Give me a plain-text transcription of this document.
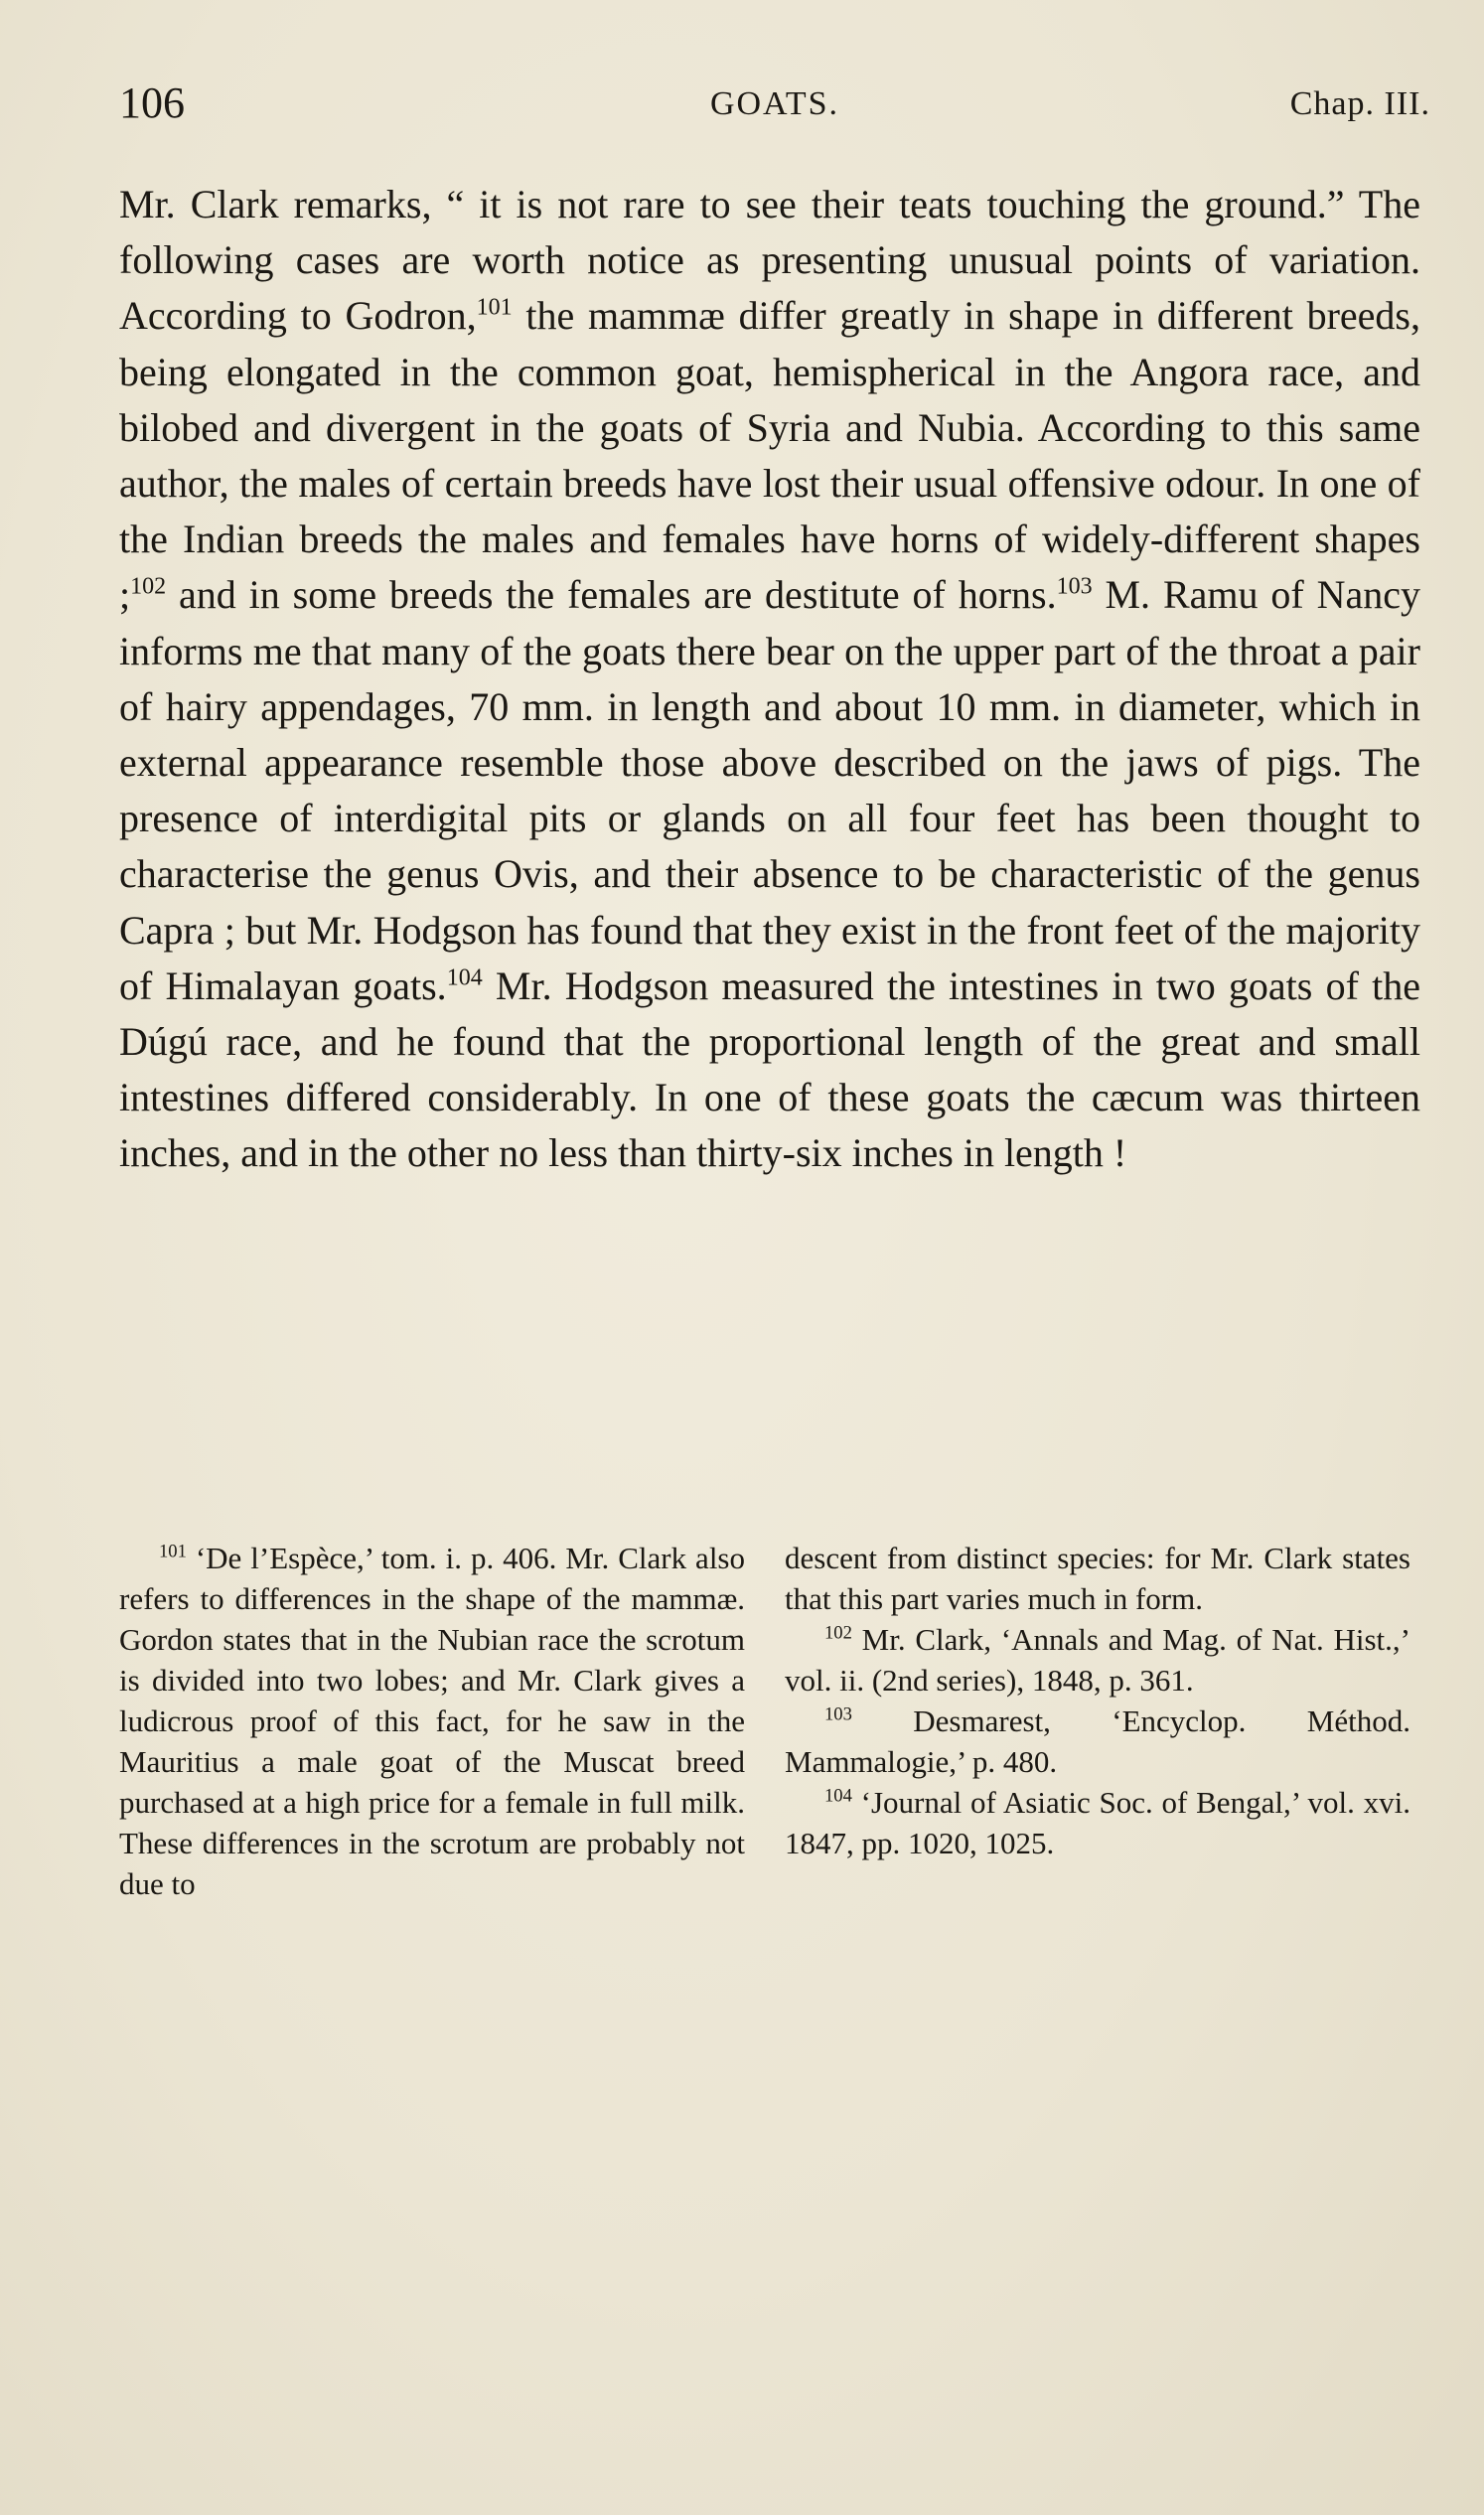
106	GOATS.	Chap. III.
Mr. Clark remarks, “ it is not rare to see their teats touching the ground.” The following cases are worth notice as presenting unusual points of variation. According to Godron,$^{101}$ the mammæ differ greatly in shape in different breeds, being elongated in the common goat, hemispherical in the Angora race, and bilobed and divergent in the goats of Syria and Nubia. According to this same author, the males of certain breeds have lost their usual offensive odour. In one of the Indian breeds the males and females have horns of widely-different shapes ;$^{102}$ and in some breeds the females are destitute of horns.$^{103}$ M. Ramu of Nancy informs me that many of the goats there bear on the upper part of the throat a pair of hairy appendages, 70 mm. in length and about 10 mm. in diameter, which in external appearance resemble those above described on the jaws of pigs. The presence of interdigital pits or glands on all four feet has been thought to characterise the genus Ovis, and their absence to be characteristic of the genus Capra ; but Mr. Hodgson has found that they exist in the front feet of the majority of Himalayan goats.$^{104}$ Mr. Hodgson measured the intestines in two goats of the Dúgú race, and he found that the proportional length of the great and small intestines differed considerably. In one of these goats the cæcum was thirteen inches, and in the other no less than thirty-six inches in length !

$^{101}$ ‘De l’Espèce,’ tom. i. p. 406. Mr. Clark also refers to differences in the shape of the mammæ. Gordon states that in the Nubian race the scrotum is divided into two lobes; and Mr. Clark gives a ludicrous proof of this fact, for he saw in the Mauritius a male goat of the Muscat breed purchased at a high price for a female in full milk. These differences in the scrotum are probably not due to

descent from distinct species: for Mr. Clark states that this part varies much in form.

$^{102}$ Mr. Clark, ‘Annals and Mag. of Nat. Hist.,’ vol. ii. (2nd series), 1848, p. 361.

$^{103}$ Desmarest, ‘Encyclop. Méthod. Mammalogie,’ p. 480.

$^{104}$ ‘Journal of Asiatic Soc. of Bengal,’ vol. xvi. 1847, pp. 1020, 1025.
